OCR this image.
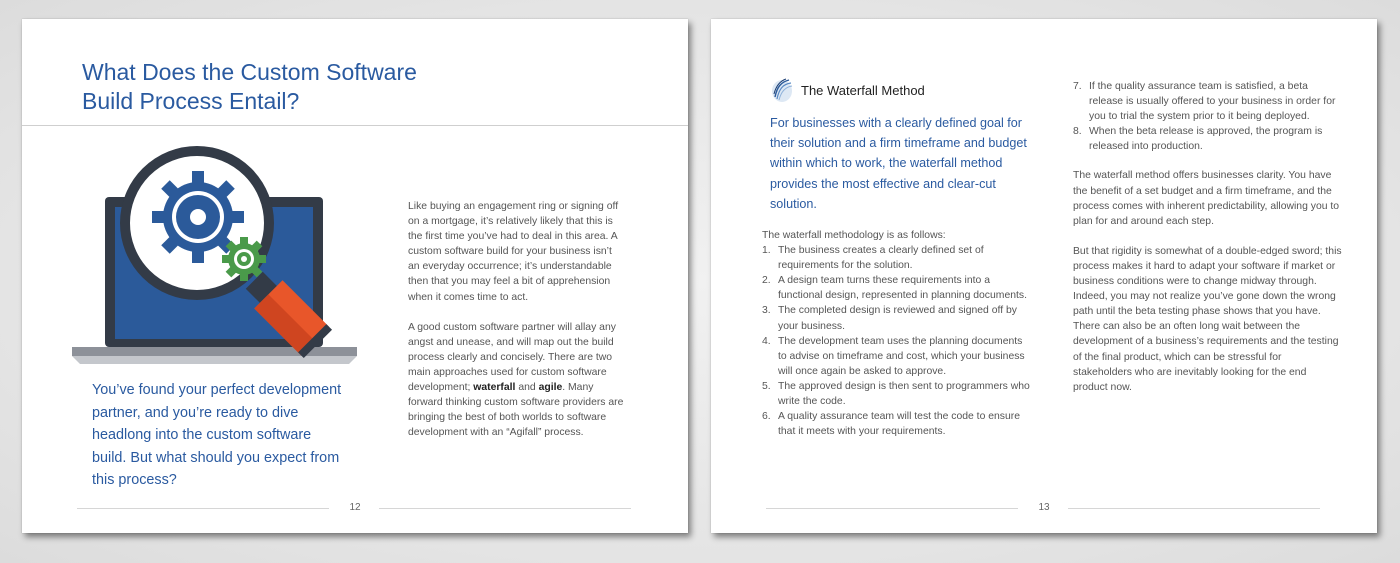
What Does the Custom Software
Build Process Entail?
You’ve found your perfect development partner, and you’re ready to dive headlong into the custom software build. But what should you expect from this process?

Like buying an engagement ring or signing off on a mortgage, it’s relatively likely that this is the first time you’ve had to deal in this area. A custom software build for your business isn’t an everyday occurrence; it’s understandable then that you may feel a bit of apprehension when it comes time to act.

A good custom software partner will allay any angst and unease, and will map out the build process clearly and concisely. There are two main approaches used for custom software development; waterfall and agile. Many forward thinking custom software providers are bringing the best of both worlds to software development with an “Agifall” process.

12
The Waterfall Method
For businesses with a clearly defined goal for their solution and a firm timeframe and budget within which to work, the waterfall method provides the most effective and clear-cut solution.
The waterfall methodology is as follows:
1. The business creates a clearly defined set of requirements for the solution.
2. A design team turns these requirements into a functional design, represented in planning documents.
3. The completed design is reviewed and signed off by your business.
4. The development team uses the planning documents to advise on timeframe and cost, which your business will once again be asked to approve.
5. The approved design is then sent to programmers who write the code.
6. A quality assurance team will test the code to ensure that it meets with your requirements.
7. If the quality assurance team is satisfied, a beta release is usually offered to your business in order for you to trial the system prior to it being deployed.
8. When the beta release is approved, the program is released into production.

The waterfall method offers businesses clarity. You have the benefit of a set budget and a firm timeframe, and the process comes with inherent predictability, allowing you to plan for and around each step.

But that rigidity is somewhat of a double-edged sword; this process makes it hard to adapt your software if market or business conditions were to change midway through. Indeed, you may not realize you’ve gone down the wrong path until the beta testing phase shows that you have. There can also be an often long wait between the development of a business’s requirements and the testing of the final product, which can be stressful for stakeholders who are inevitably looking for the end product now.

13
